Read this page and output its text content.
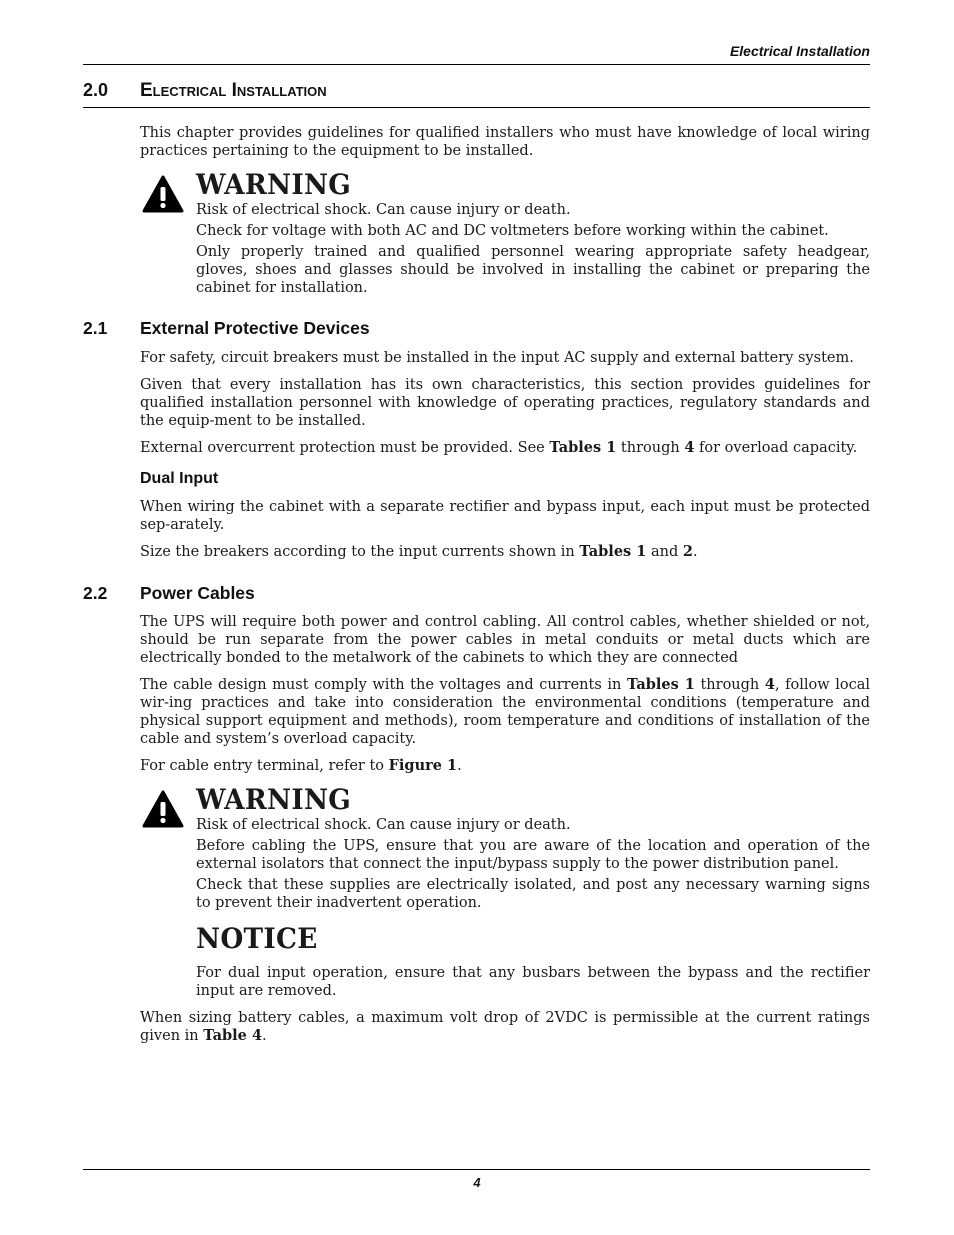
Electrical Installation
2.0 Electrical Installation

This chapter provides guidelines for qualified installers who must have knowledge of local wiring practices pertaining to the equipment to be installed.

WARNING

Risk of electrical shock. Can cause injury or death.

Check for voltage with both AC and DC voltmeters before working within the cabinet.

Only properly trained and qualified personnel wearing appropriate safety headgear, gloves, shoes and glasses should be involved in installing the cabinet or preparing the cabinet for installation.

2.1 External Protective Devices

For safety, circuit breakers must be installed in the input AC supply and external battery system.

Given that every installation has its own characteristics, this section provides guidelines for qualified installation personnel with knowledge of operating practices, regulatory standards and the equip-ment to be installed.

External overcurrent protection must be provided. See Tables 1 through 4 for overload capacity.

Dual Input

When wiring the cabinet with a separate rectifier and bypass input, each input must be protected sep-arately.

Size the breakers according to the input currents shown in Tables 1 and 2.

2.2 Power Cables

The UPS will require both power and control cabling. All control cables, whether shielded or not, should be run separate from the power cables in metal conduits or metal ducts which are electrically bonded to the metalwork of the cabinets to which they are connected

The cable design must comply with the voltages and currents in Tables 1 through 4, follow local wir-ing practices and take into consideration the environmental conditions (temperature and physical support equipment and methods), room temperature and conditions of installation of the cable and system’s overload capacity.

For cable entry terminal, refer to Figure 1.

WARNING

Risk of electrical shock. Can cause injury or death.

Before cabling the UPS, ensure that you are aware of the location and operation of the external isolators that connect the input/bypass supply to the power distribution panel.

Check that these supplies are electrically isolated, and post any necessary warning signs to prevent their inadvertent operation.

NOTICE

For dual input operation, ensure that any busbars between the bypass and the rectifier input are removed.

When sizing battery cables, a maximum volt drop of 2VDC is permissible at the current ratings given in Table 4.

4
